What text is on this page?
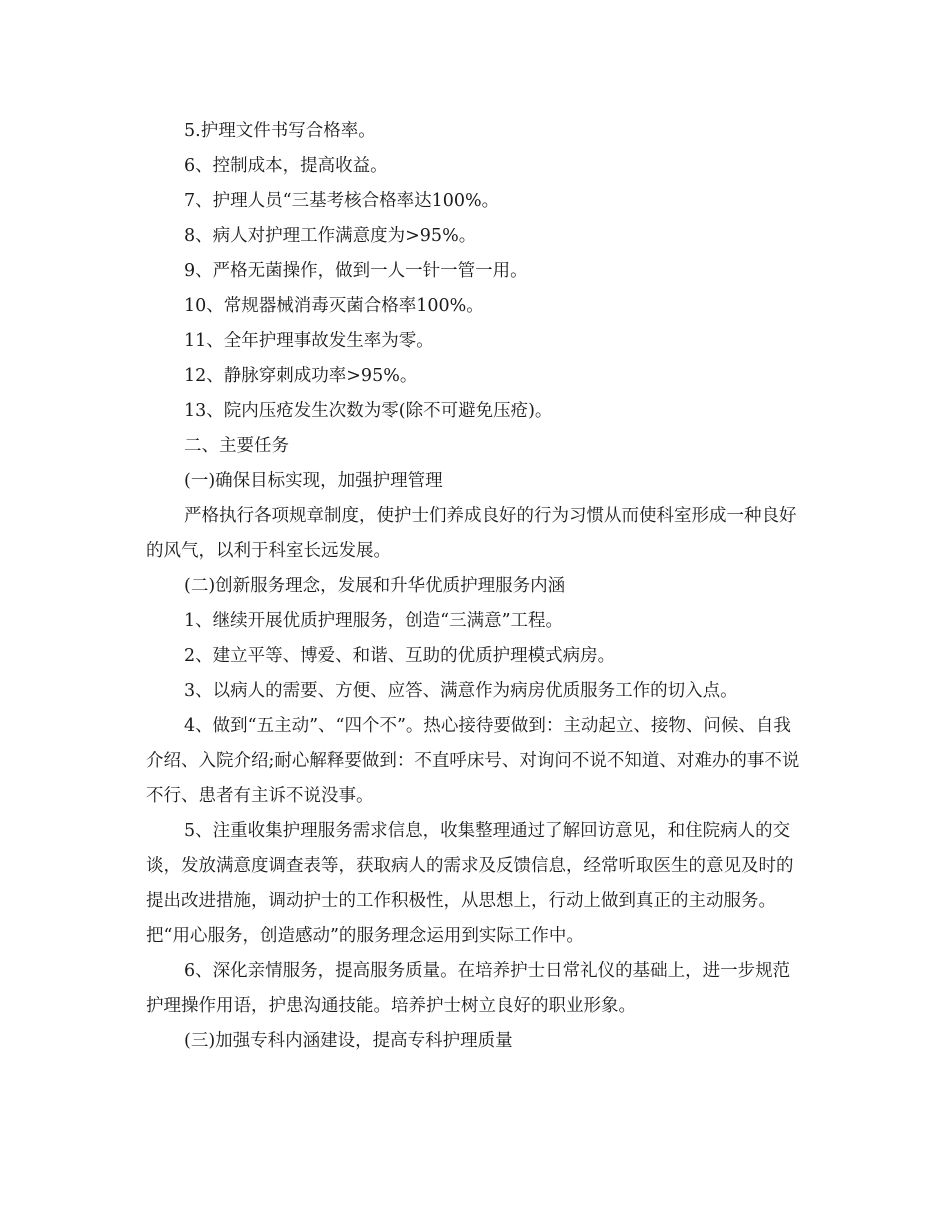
5.护理文件书写合格率。

6、控制成本，提高收益。

7、护理人员“三基考核合格率达100%。

8、病人对护理工作满意度为>95%。

9、严格无菌操作，做到一人一针一管一用。

10、常规器械消毒灭菌合格率100%。

11、全年护理事故发生率为零。

12、静脉穿刺成功率>95%。

13、院内压疮发生次数为零(除不可避免压疮)。

二、主要任务

(一)确保目标实现，加强护理管理

严格执行各项规章制度，使护士们养成良好的行为习惯从而使科室形成一种良好的风气，以利于科室长远发展。

(二)创新服务理念，发展和升华优质护理服务内涵

1、继续开展优质护理服务，创造“三满意”工程。

2、建立平等、博爱、和谐、互助的优质护理模式病房。

3、以病人的需要、方便、应答、满意作为病房优质服务工作的切入点。

4、做到“五主动”、“四个不”。热心接待要做到：主动起立、接物、问候、自我介绍、入院介绍;耐心解释要做到：不直呼床号、对询问不说不知道、对难办的事不说不行、患者有主诉不说没事。

5、注重收集护理服务需求信息，收集整理通过了解回访意见，和住院病人的交谈，发放满意度调查表等，获取病人的需求及反馈信息，经常听取医生的意见及时的提出改进措施，调动护士的工作积极性，从思想上，行动上做到真正的主动服务。把“用心服务，创造感动”的服务理念运用到实际工作中。

6、深化亲情服务，提高服务质量。在培养护士日常礼仪的基础上，进一步规范护理操作用语，护患沟通技能。培养护士树立良好的职业形象。

(三)加强专科内涵建设，提高专科护理质量
